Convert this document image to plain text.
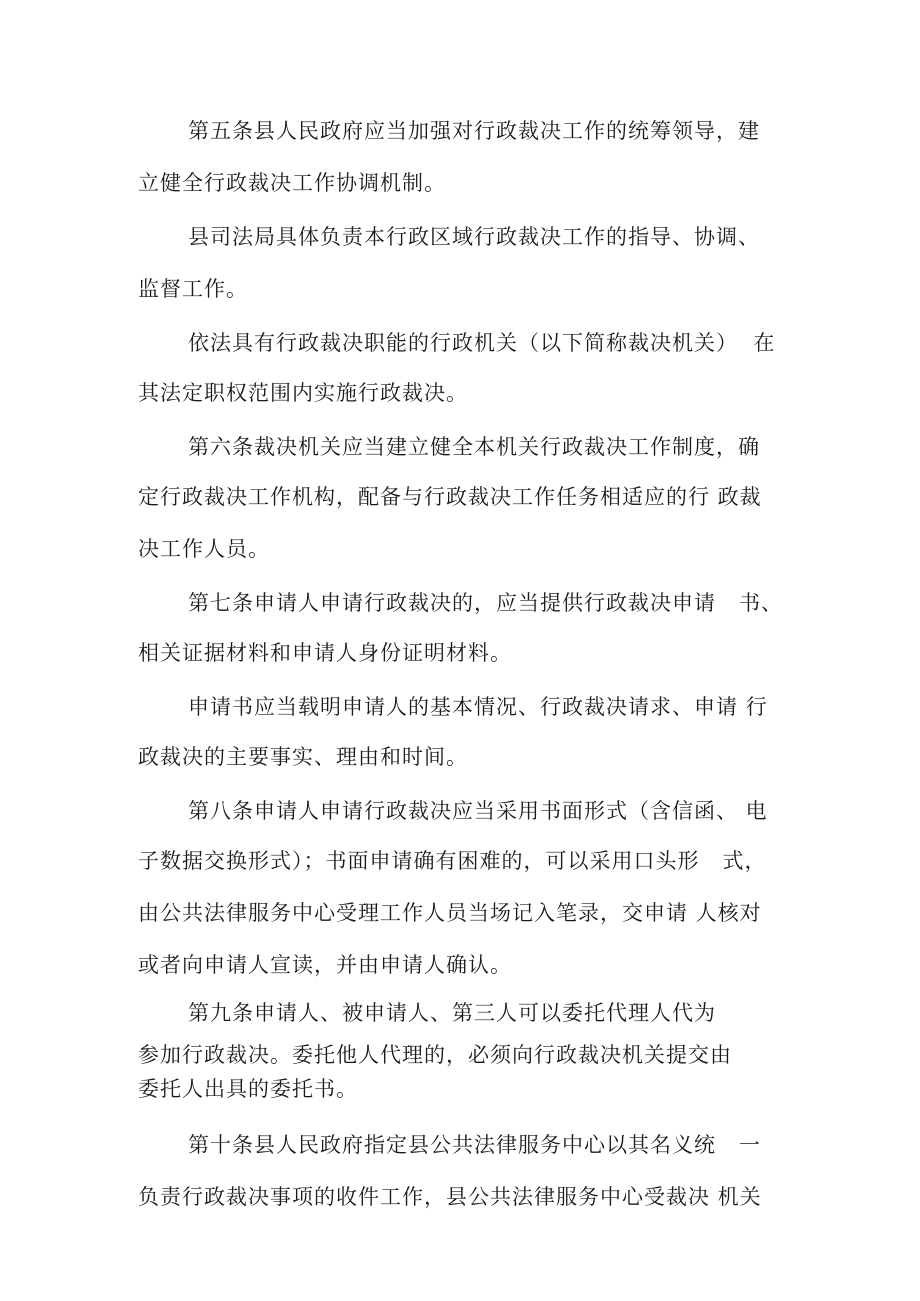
第五条县人民政府应当加强对行政裁决工作的统筹领导，建
立健全行政裁决工作协调机制。
县司法局具体负责本行政区域行政裁决工作的指导、协调、
监督工作。
依法具有行政裁决职能的行政机关（以下简称裁决机关）  在
其法定职权范围内实施行政裁决。
第六条裁决机关应当建立健全本机关行政裁决工作制度，确
定行政裁决工作机构，配备与行政裁决工作任务相适应的行 政裁
决工作人员。
第七条申请人申请行政裁决的，应当提供行政裁决申请   书、
相关证据材料和申请人身份证明材料。
申请书应当载明申请人的基本情况、行政裁决请求、申请 行
政裁决的主要事实、理由和时间。
第八条申请人申请行政裁决应当采用书面形式（含信函、 电
子数据交换形式）；书面申请确有困难的，可以采用口头形   式，
由公共法律服务中心受理工作人员当场记入笔录，交申请 人核对
或者向申请人宣读，并由申请人确认。
第九条申请人、被申请人、第三人可以委托代理人代为
参加行政裁决。委托他人代理的，必须向行政裁决机关提交由
委托人出具的委托书。
第十条县人民政府指定县公共法律服务中心以其名义统   一
负责行政裁决事项的收件工作，县公共法律服务中心受裁决 机关
